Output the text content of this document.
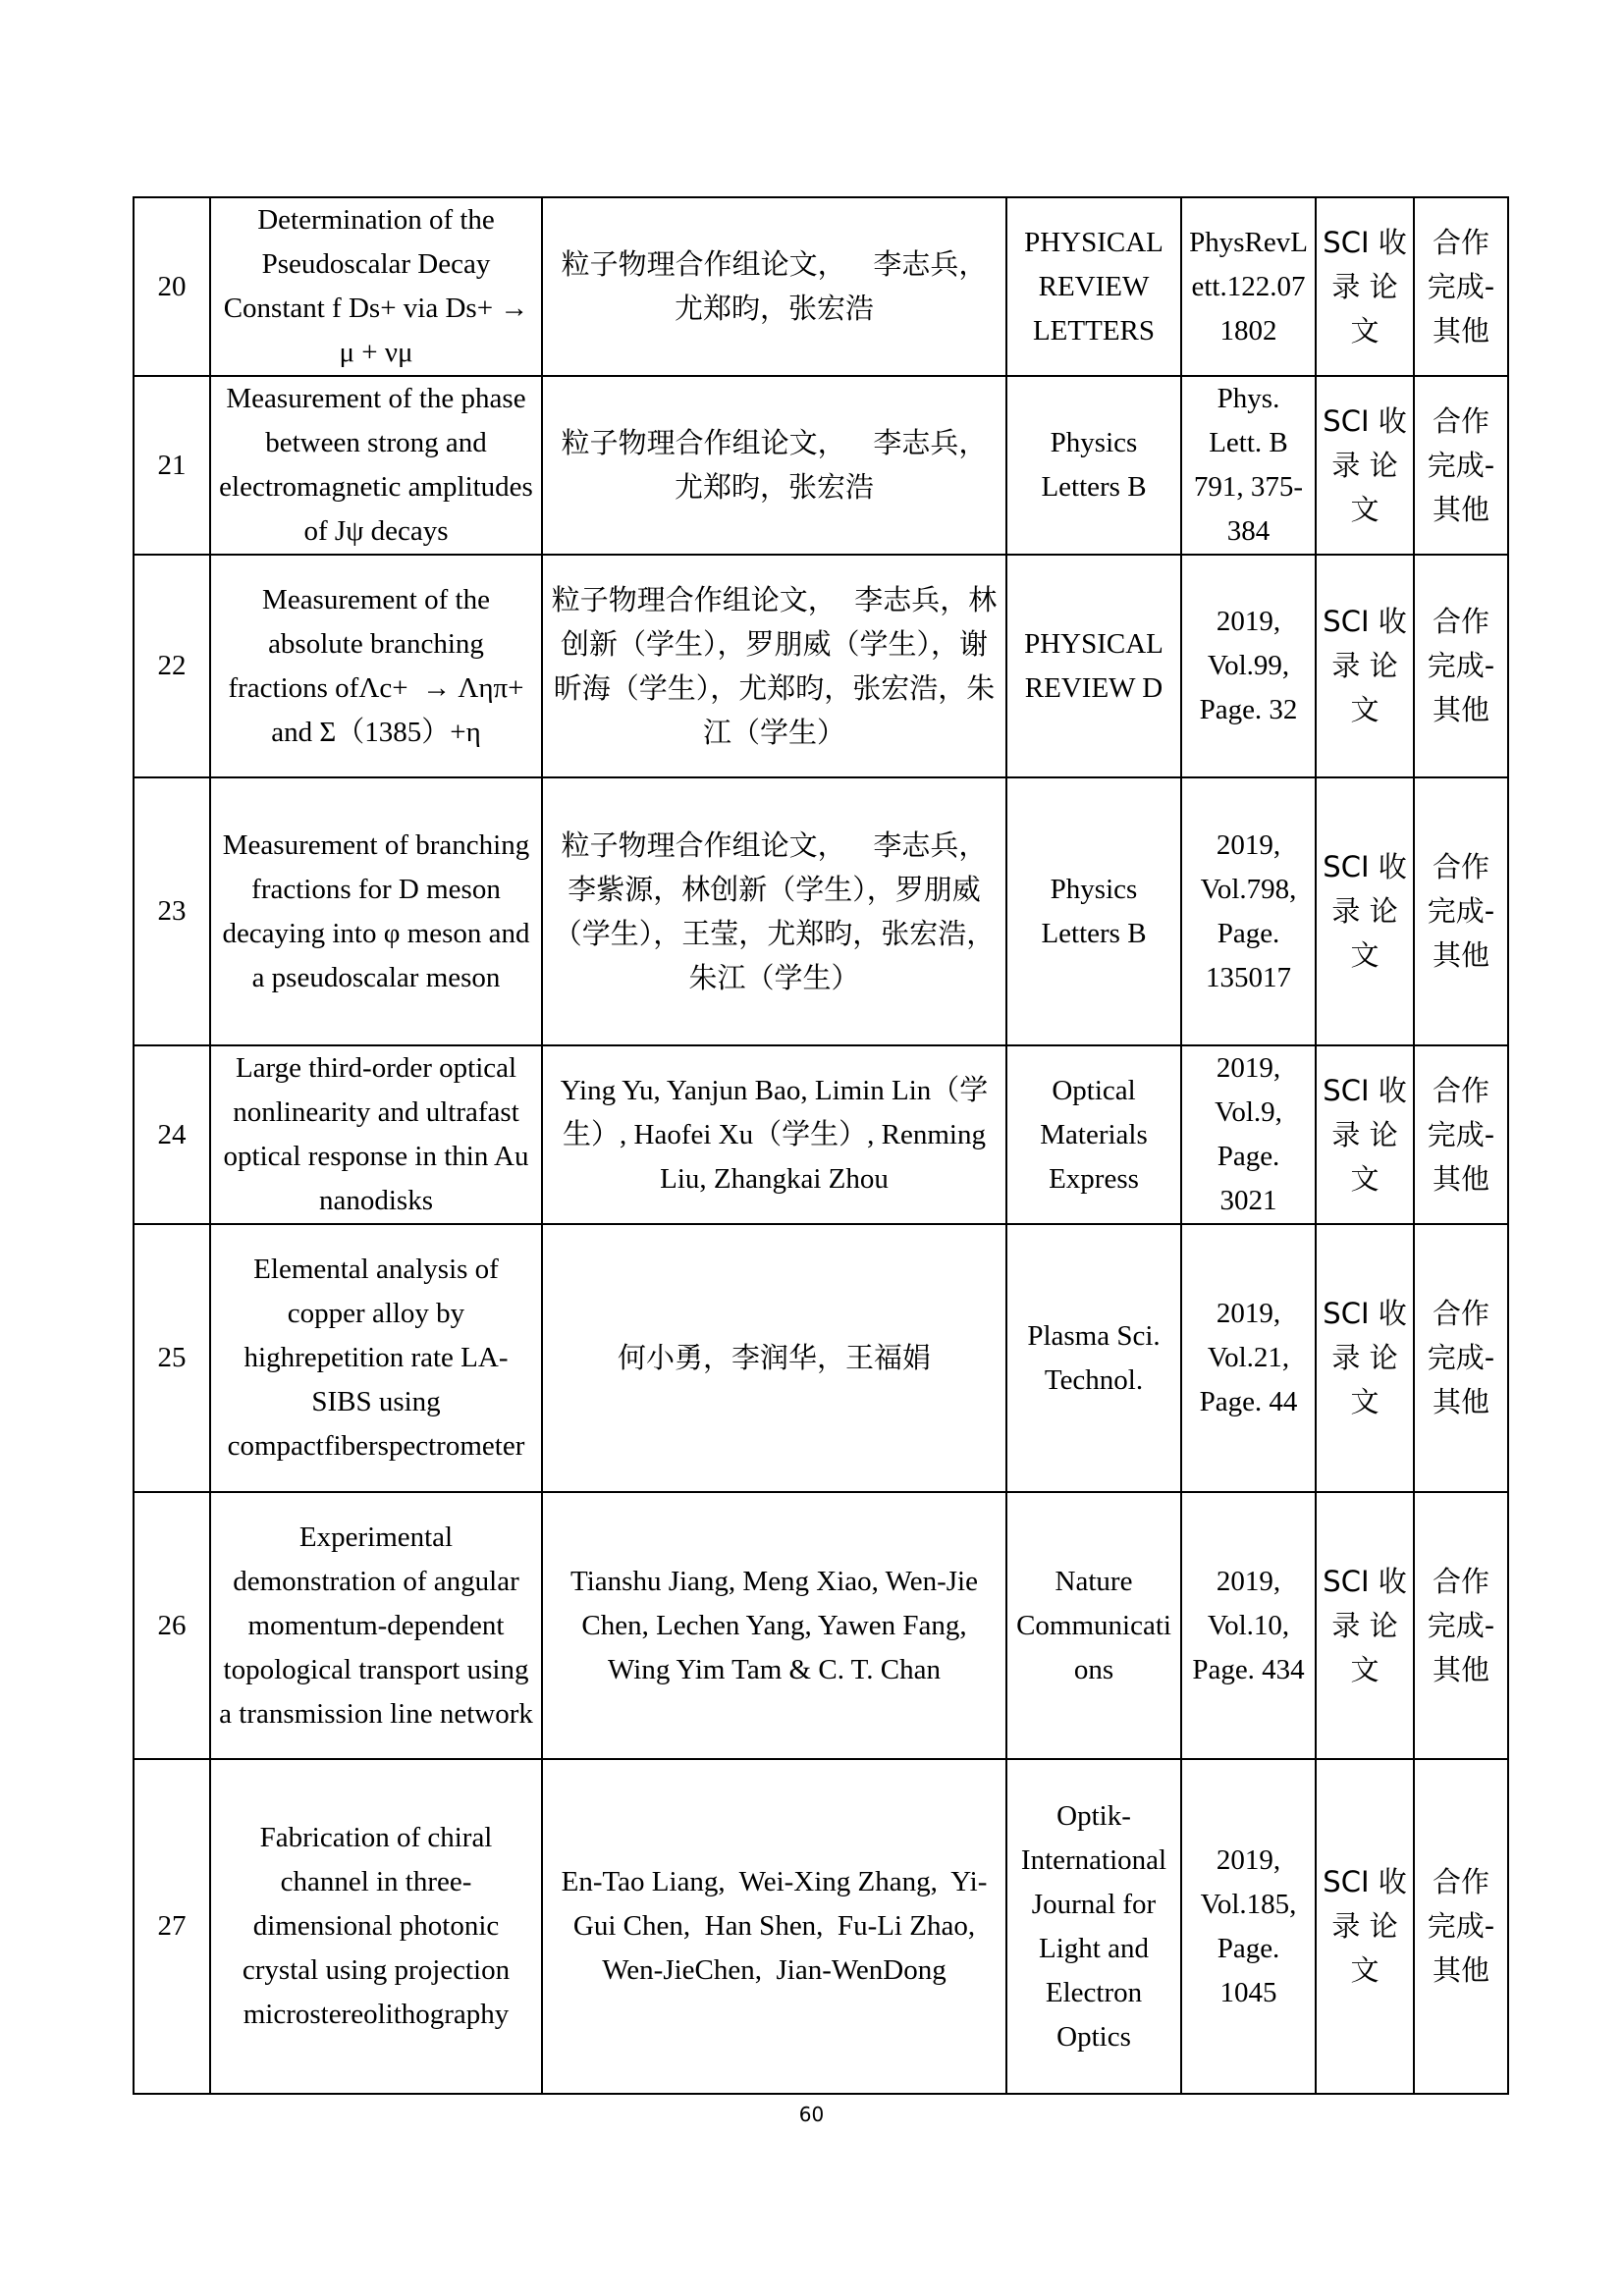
20	Determination of the Pseudoscalar Decay Constant f Ds+ via Ds+ → μ + νμ	粒子物理合作组论文，   李志兵，尤郑昀，张宏浩	PHYSICAL REVIEW LETTERS	PhysRevLett.122.071802	SCI 收录 论文	合作完成-其他

21	Measurement of the phase between strong and electromagnetic amplitudes of Jψ decays	粒子物理合作组论文，   李志兵，尤郑昀，张宏浩	Physics Letters B	Phys. Lett. B 791, 375-384	SCI 收录 论文	合作完成-其他

22	Measurement of the absolute branching fractions ofΛc+  → Ληπ+ and Σ（1385）+η	粒子物理合作组论文，  李志兵，林创新（学生），罗朋威（学生），谢昕海（学生），尤郑昀，张宏浩，朱江（学生）	PHYSICAL REVIEW D	2019, Vol.99, Page. 32	SCI 收录 论文	合作完成-其他

23	Measurement of branching fractions for D meson decaying into φ meson and a pseudoscalar meson	粒子物理合作组论文，   李志兵，李紫源，林创新（学生），罗朋威（学生），王莹，尤郑昀，张宏浩，朱江（学生）	Physics Letters B	2019, Vol.798, Page. 135017	SCI 收录 论文	合作完成-其他

24	Large third-order optical nonlinearity and ultrafast optical response in thin Au nanodisks	Ying Yu, Yanjun Bao, Limin Lin（学生）, Haofei Xu（学生）, Renming Liu, Zhangkai Zhou	Optical Materials Express	2019, Vol.9, Page. 3021	SCI 收录 论文	合作完成-其他

25	Elemental analysis of copper alloy by highrepetition rate LA-SIBS using compactfiberspectrometer	何小勇，李润华，王福娟	Plasma Sci. Technol.	2019, Vol.21, Page. 44	SCI 收录 论文	合作完成-其他

26	Experimental demonstration of angular momentum-dependent topological transport using a transmission line network	Tianshu Jiang, Meng Xiao, Wen-Jie Chen, Lechen Yang, Yawen Fang, Wing Yim Tam & C. T. Chan	Nature Communications	2019, Vol.10, Page. 434	SCI 收录 论文	合作完成-其他

27	Fabrication of chiral channel in three-dimensional photonic crystal using projection microstereolithography	En-Tao Liang,  Wei-Xing Zhang,  Yi-Gui Chen,  Han Shen,  Fu-Li Zhao,  Wen-JieChen,  Jian-WenDong	Optik-International Journal for Light and Electron Optics	2019, Vol.185, Page. 1045	SCI 收录 论文	合作完成-其他
60
